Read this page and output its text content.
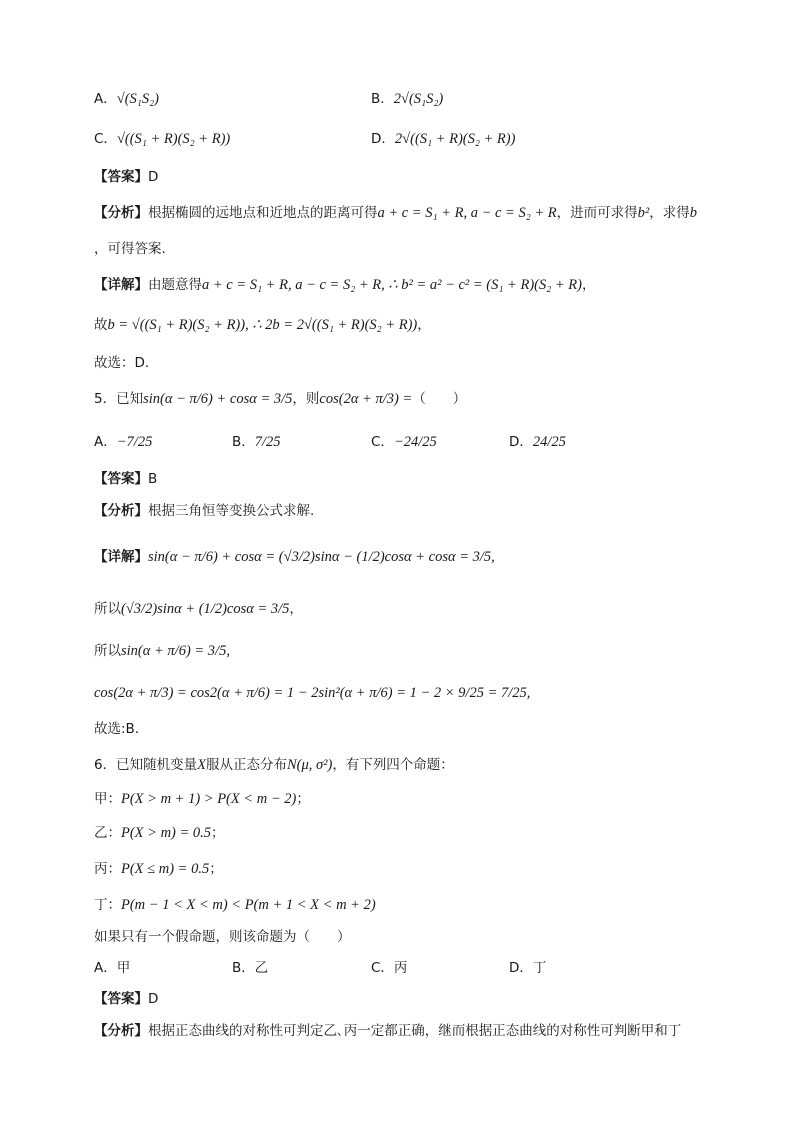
A．√(S₁S₂)	B．2√(S₁S₂)
C．√((S₁ + R)(S₂ + R))	D．2√((S₁ + R)(S₂ + R))
【答案】D
【分析】根据椭圆的远地点和近地点的距离可得a + c = S₁ + R, a − c = S₂ + R，进而可求得b²，求得b
，可得答案.
【详解】由题意得a + c = S₁ + R, a − c = S₂ + R, ∴ b² = a² − c² = (S₁ + R)(S₂ + R)，
故b = √((S₁ + R)(S₂ + R)), ∴ 2b = 2√((S₁ + R)(S₂ + R))，
故选：D.
5．已知sin(α − π/6) + cosα = 3/5，则cos(2α + π/3) =（　　）
A．−7/25	B．7/25	C．−24/25	D．24/25
【答案】B
【分析】根据三角恒等变换公式求解.
【详解】sin(α − π/6) + cosα = (√3/2)sinα − (1/2)cosα + cosα = 3/5,
所以(√3/2)sinα + (1/2)cosα = 3/5，
所以sin(α + π/6) = 3/5,
cos(2α + π/3) = cos2(α + π/6) = 1 − 2sin²(α + π/6) = 1 − 2 × 9/25 = 7/25,
故选:B.
6．已知随机变量X服从正态分布N(μ, σ²)，有下列四个命题：
甲：P(X > m + 1) > P(X < m − 2)；
乙：P(X > m) = 0.5；
丙：P(X ≤ m) = 0.5；
丁：P(m − 1 < X < m) < P(m + 1 < X < m + 2)
如果只有一个假命题，则该命题为（　　）
A．甲	B．乙	C．丙	D．丁
【答案】D
【分析】根据正态曲线的对称性可判定乙､丙一定都正确，继而根据正态曲线的对称性可判断甲和丁
